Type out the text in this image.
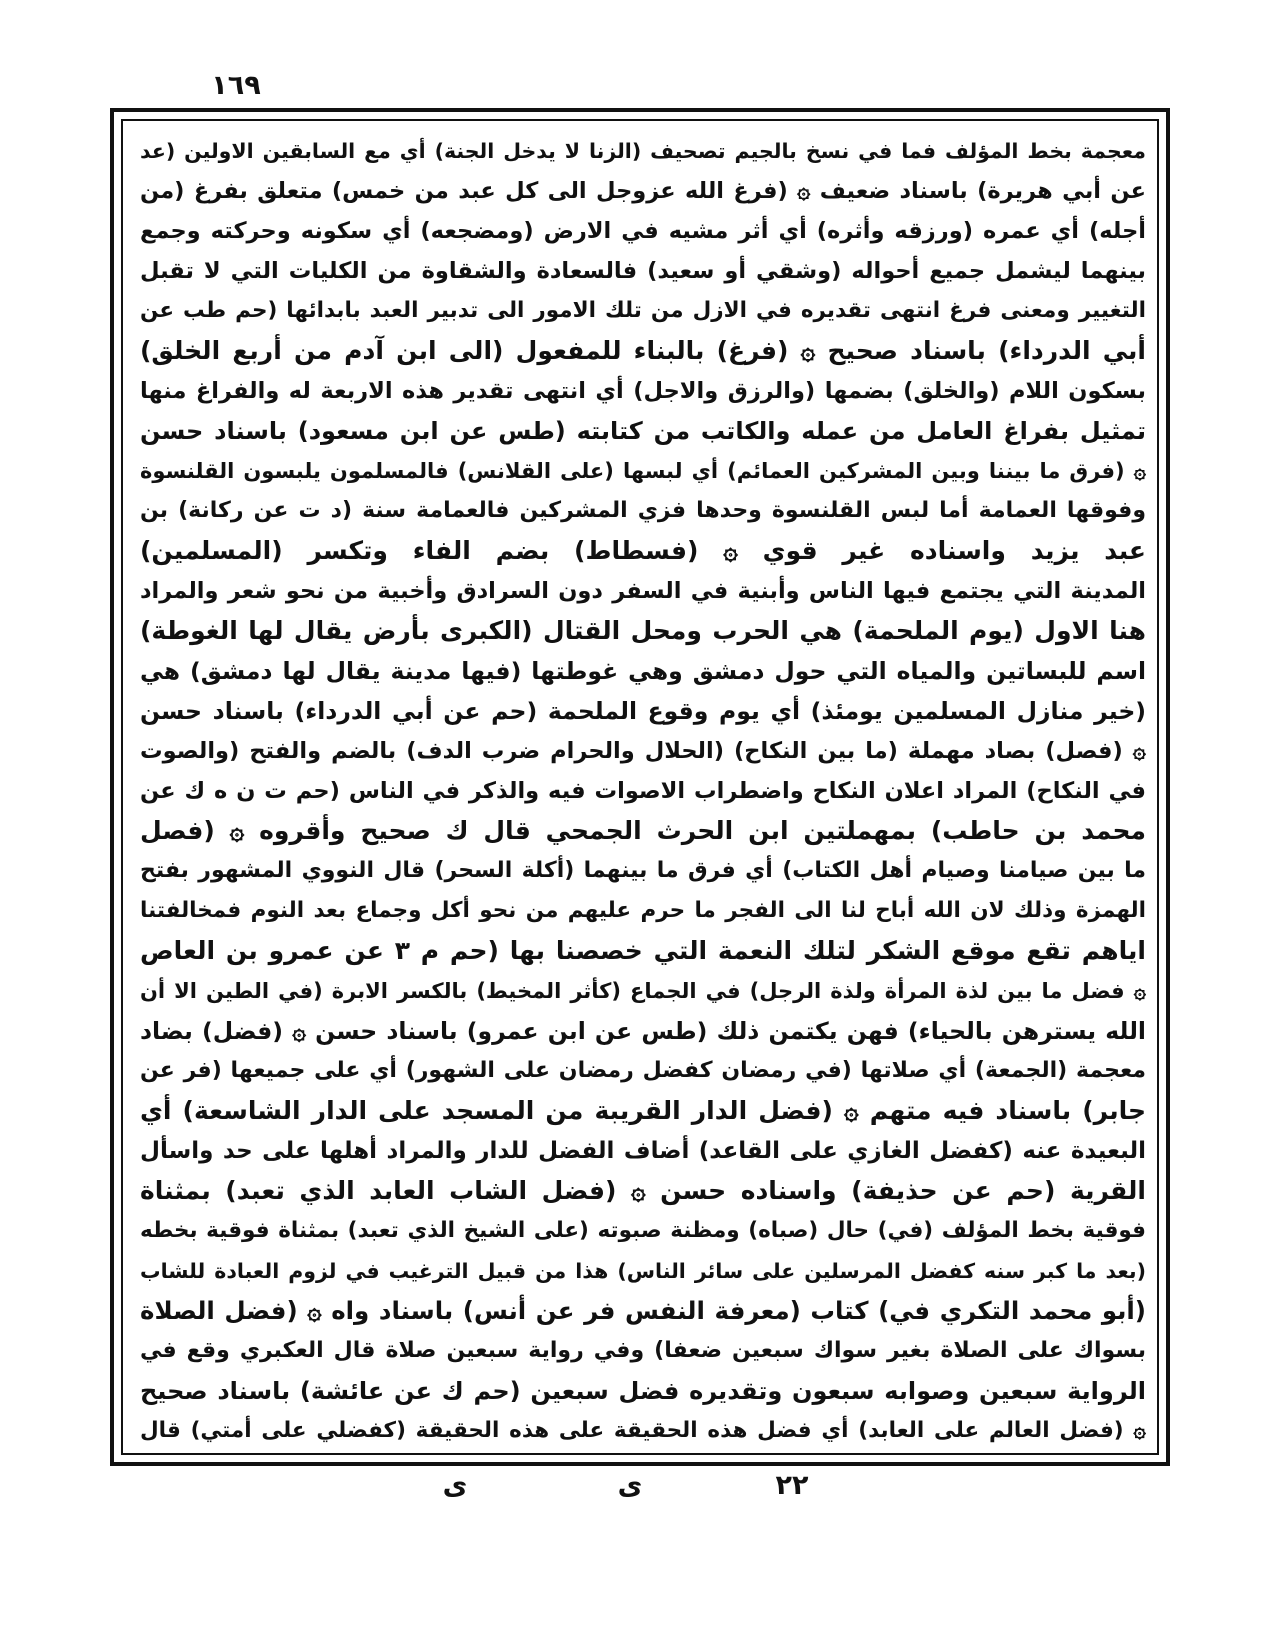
١٦٩
معجمة بخط المؤلف فما في نسخ بالجيم تصحيف (الزنا لا يدخل الجنة) أي مع السابقين الاولين (عد
عن أبي هريرة) باسناد ضعيف ۞ (فرغ الله عزوجل الى كل عبد من خمس) متعلق بفرغ (من
أجله) أي عمره (ورزقه وأثره) أي أثر مشيه في الارض (ومضجعه) أي سكونه وحركته وجمع
بينهما ليشمل جميع أحواله (وشقي أو سعيد) فالسعادة والشقاوة من الكليات التي لا تقبل
التغيير ومعنى فرغ انتهى تقديره في الازل من تلك الامور الى تدبير العبد بابدائها (حم طب عن
أبي الدرداء) باسناد صحيح ۞ (فرغ) بالبناء للمفعول (الى ابن آدم من أربع الخلق)
بسكون اللام (والخلق) بضمها (والرزق والاجل) أي انتهى تقدير هذه الاربعة له والفراغ منها
تمثيل بفراغ العامل من عمله والكاتب من كتابته (طس عن ابن مسعود) باسناد حسن
۞ (فرق ما بيننا وبين المشركين العمائم) أي لبسها (على القلانس) فالمسلمون يلبسون القلنسوة
وفوقها العمامة أما لبس القلنسوة وحدها فزي المشركين فالعمامة سنة (د ت عن ركانة) بن
عبد يزيد واسناده غير قوي ۞ (فسطاط) بضم الفاء وتكسر (المسلمين)
المدينة التي يجتمع فيها الناس وأبنية في السفر دون السرادق وأخبية من نحو شعر والمراد
هنا الاول (يوم الملحمة) هي الحرب ومحل القتال (الكبرى بأرض يقال لها الغوطة)
اسم للبساتين والمياه التي حول دمشق وهي غوطتها (فيها مدينة يقال لها دمشق) هي
(خير منازل المسلمين يومئذ) أي يوم وقوع الملحمة (حم عن أبي الدرداء) باسناد حسن
۞ (فصل) بصاد مهملة (ما بين النكاح) (الحلال والحرام ضرب الدف) بالضم والفتح (والصوت
في النكاح) المراد اعلان النكاح واضطراب الاصوات فيه والذكر في الناس (حم ت ن ه ك عن
محمد بن حاطب) بمهملتين ابن الحرث الجمحي قال ك صحيح وأقروه ۞ (فصل
ما بين صيامنا وصيام أهل الكتاب) أي فرق ما بينهما (أكلة السحر) قال النووي المشهور بفتح
الهمزة وذلك لان الله أباح لنا الى الفجر ما حرم عليهم من نحو أكل وجماع بعد النوم فمخالفتنا
اياهم تقع موقع الشكر لتلك النعمة التي خصصنا بها (حم م ٣ عن عمرو بن العاص
۞ فضل ما بين لذة المرأة ولذة الرجل) في الجماع (كأثر المخيط) بالكسر الابرة (في الطين الا أن
الله يسترهن بالحياء) فهن يكتمن ذلك (طس عن ابن عمرو) باسناد حسن ۞ (فضل) بضاد
معجمة (الجمعة) أي صلاتها (في رمضان كفضل رمضان على الشهور) أي على جميعها (فر عن
جابر) باسناد فيه متهم ۞ (فضل الدار القريبة من المسجد على الدار الشاسعة) أي
البعيدة عنه (كفضل الغازي على القاعد) أضاف الفضل للدار والمراد أهلها على حد واسأل
القرية (حم عن حذيفة) واسناده حسن ۞ (فضل الشاب العابد الذي تعبد) بمثناة
فوقية بخط المؤلف (في) حال (صباه) ومظنة صبوته (على الشيخ الذي تعبد) بمثناة فوقية بخطه
(بعد ما كبر سنه كفضل المرسلين على سائر الناس) هذا من قبيل الترغيب في لزوم العبادة للشاب
(أبو محمد التكري في) كتاب (معرفة النفس فر عن أنس) باسناد واه ۞ (فضل الصلاة
بسواك على الصلاة بغير سواك سبعين ضعفا) وفي رواية سبعين صلاة قال العكبري وقع في
الرواية سبعين وصوابه سبعون وتقديره فضل سبعين (حم ك عن عائشة) باسناد صحيح
۞ (فضل العالم على العابد) أي فضل هذه الحقيقة على هذه الحقيقة (كفضلي على أمتي) قال
٢٢
ى
ى
